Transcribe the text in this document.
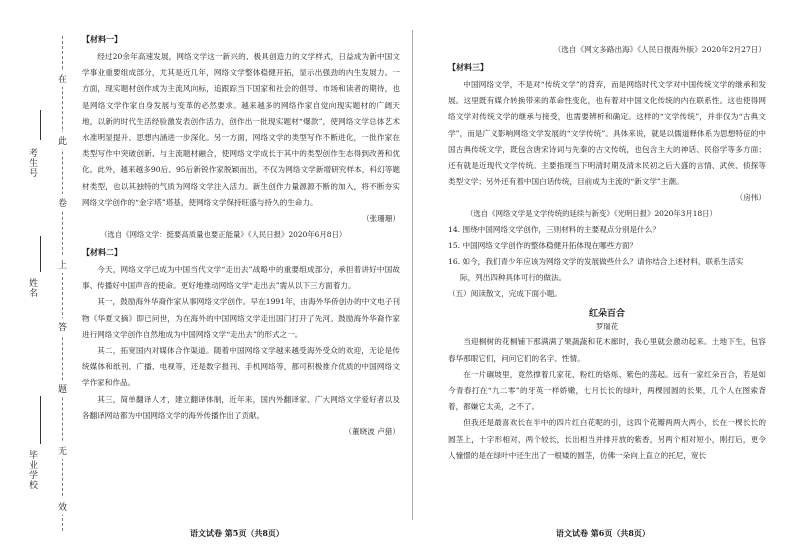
在
此
卷
上
答
题
无
效
考生号
姓名
毕业学校

【材料一】

经过20余年高速发展，网络文学这一新兴的、极具创造力的文学样式，日益成为新中国文学事业重要组成部分，尤其是近几年，网络文学整体稳健开拓，显示出强劲的内生发展力。一方面，现实题材创作成为主流风向标，追跟踪当下国家和社会的倡导、市场和读者的期待，也是网络文学作家自身发展与变革的必然要求。越来越多的网络作家自觉向现实题材的广阔天地，以新的时代生活经验激发表创作活力，创作出一批现实题材“爆款”，使网络文学总体艺术水准明显提升、思想内涵进一步深化。另一方面，网络文学的类型写作不断进化，一批作家在类型写作中突破创新、与主流题材融合，使网络文学成长于其中的类型创作生态得到改善和优化。此外，越来越多90后、95后新锐作家脱颖而出，不仅为网络文学新增研究样本，科幻等题材类型，也以其独特的气质为网络文学注入活力。新生创作力量源源不断的加入，将不断夯实网络文学创作的“金字塔”塔基，使网络文学保持旺盛与持久的生命力。

（张珊珊）

（选自《网络文学：挺要高质量也要正能量》《人民日报》2020年6月8日）

【材料二】

今天，网络文学已成为中国当代文学“走出去”战略中的重要组成部分，承担着讲好中国故事、传播好中国声音的使命。更好地推动网络文学“走出去”需从以下三方面着力。

其一，鼓励海外华裔作家从事网络文学创作。早在1991年，由海外华侨创办的中文电子刊物《华夏文摘》即已问世，为在海外的中国网络文学走出国门打开了先河。鼓励海外华裔作家进行网络文学创作自然地成为中国网络文学“走出去”的形式之一。

其二，拓宽国内对媒体合作渠道。随着中国网络文学越来越受海外受众的欢迎，无论是传统媒体和纸刊、广播、电视等，还是数字报刊、手机网络等，都可积极推介优质的中国网络文学作家和作品。

其三，简单翻译人才，建立翻译体制，近年来，国内外翻译家、广大网络文学爱好者以及各翻译网站都为中国网络文学的海外传播作出了贡献。

（董晓波 卢猎）

（选自《网文多路出海》《人民日报海外版》2020年2月27日）

【材料三】

中国网络文学，不是对“传统文学”的背弃，而是网络时代文学对中国传统文学的继承和发展。这里既有媒介转换带来的革命性变化，也有着对中国文化传统的内在联系性。这也使得网络文学对传统文学的继承与接受，也需要辨析和确定。这样的“文学传统”，并非仅为“古典文学”，而是广义影响网络文学发展的“文学传统”。具体来说，就是以儒道释体系为思想特征的中国古典传统文学，既包含唐宋诗词与先秦的古文传统，也包含主大的神话、民俗学等多方面；还有就是近现代文学传统。主要指现当下明清时期及清末民初之后大盛的言情、武侠、侦探等类型文学；另外还有着中国白话传统，目前成为主流的“新文学”主潮。

（房伟）

（选自《网络文学是文学传统的延续与新变》《光明日报》2020年3月18日）

14. 围绕中国网络文学创作，三则材料的主要观点分别是什么？

15. 中国网络文学创作的整体稳健开拓体现在哪些方面？

16. 如今，我们青少年应该为网络文学的发展做些什么？请你结合上述材料，联系生活实

际，列出四种具体可行的做法。

（五）阅读散文，完成下面小题。

红朵百合

罗瑞花

当迎桐树的花桐铺下那满满了果蔬蔬和花木廊时，我心里就会激动起来。土地下生，包容春华那眼它们，问问它们的名字、性情。

在一片碾坡里，竟然撑着几家花，粉红的烙烁、紫色的荡起。远有一家红朵百合，若是如今青春打在“九二零”的牙英一样娇嫩，七月长长的绿叶，两棵园圆的长果，几个人在图索背着，都嫌它太美，之不了。

但我还是最喜欢长在半中的四片红白花呢的引，这四个花瓣两两大两小，长在一棵长长的圆茎上，十字形相对，两个较长，长出相当并排开放的紫香，另两个相对短小，刚打后，更令人憧憬的是在绿叶中还生出了一根矮的圆茎，仿佛一朵向上直立的托尼，宽长

语文试卷 第5页（共8页）	语文试卷 第6页（共8页）
